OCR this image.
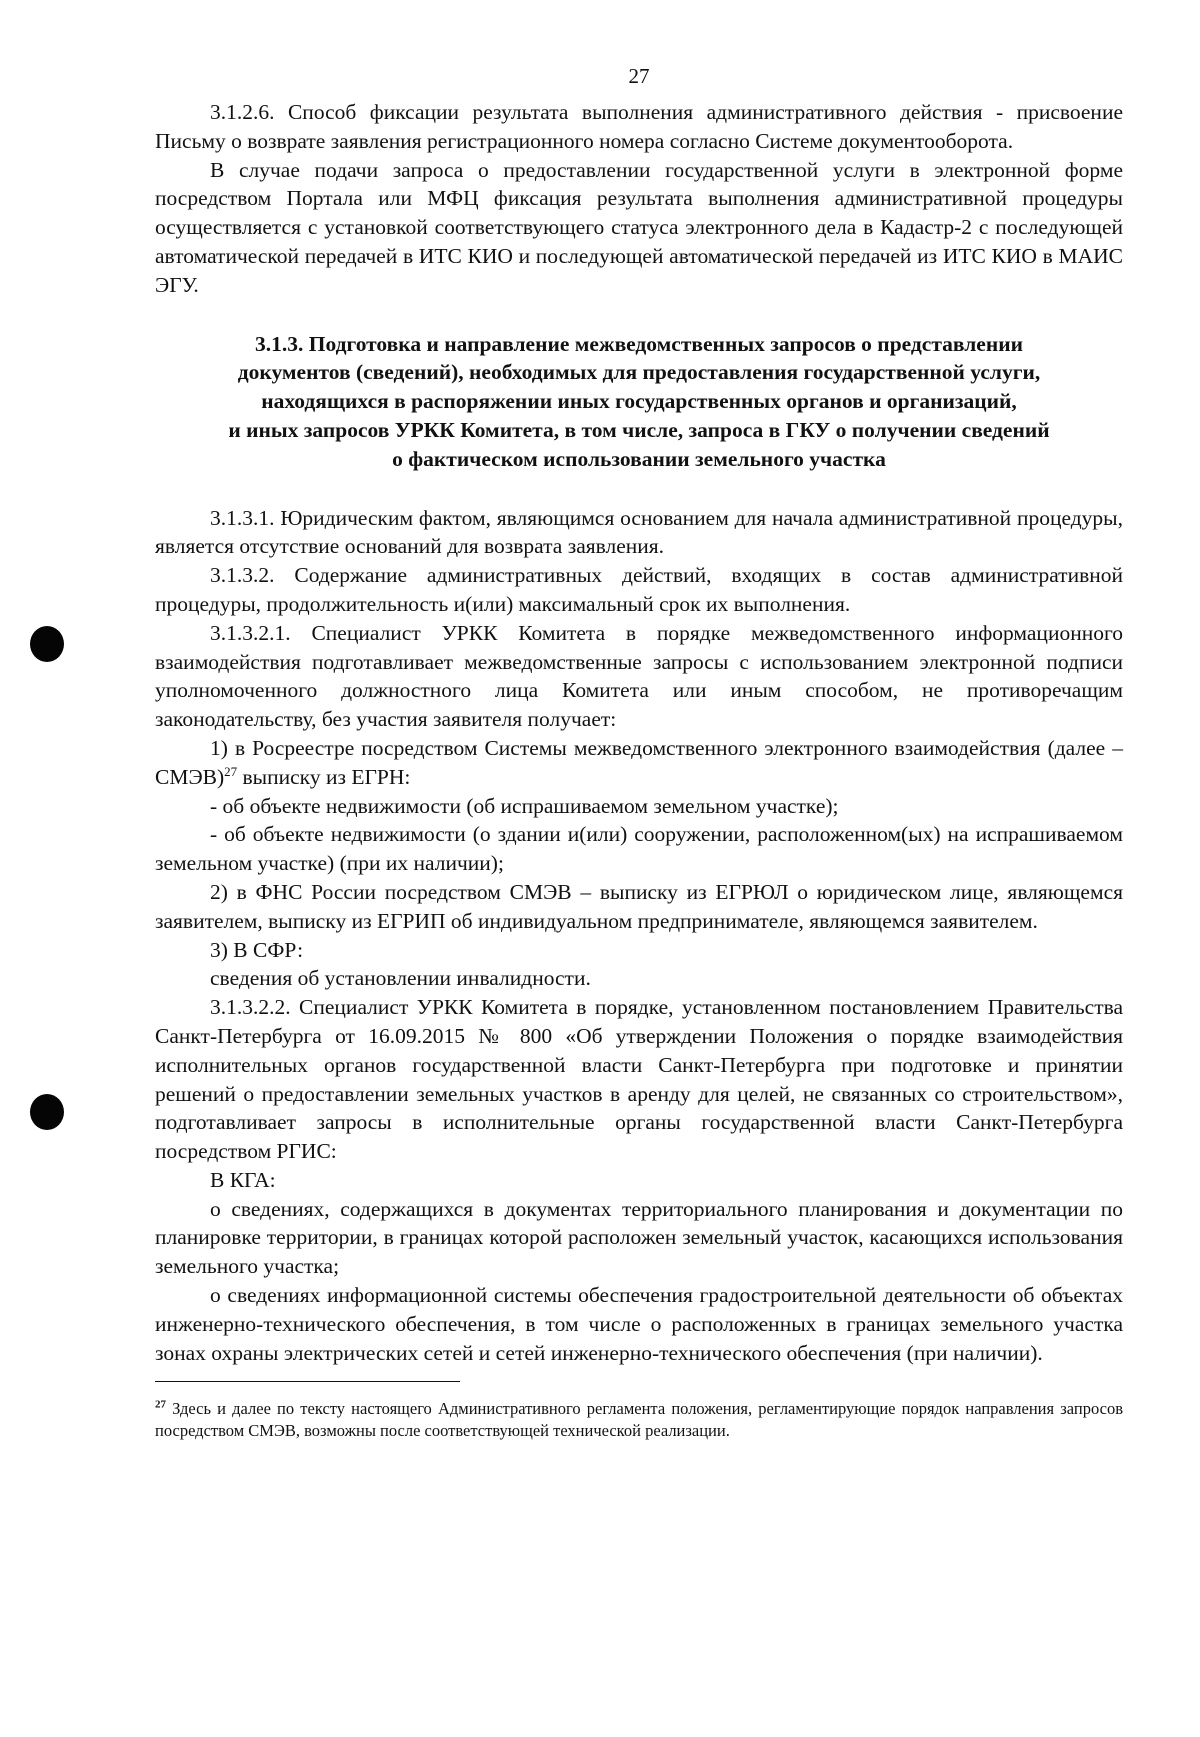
27

3.1.2.6. Способ фиксации результата выполнения административного действия - присвоение Письму о возврате заявления регистрационного номера согласно Системе документооборота.

В случае подачи запроса о предоставлении государственной услуги в электронной форме посредством Портала или МФЦ фиксация результата выполнения административной процедуры осуществляется с установкой соответствующего статуса электронного дела в Кадастр-2 с последующей автоматической передачей в ИТС КИО и последующей автоматической передачей из ИТС КИО в МАИС ЭГУ.

3.1.3. Подготовка и направление межведомственных запросов о представлении
документов (сведений), необходимых для предоставления государственной услуги,
находящихся в распоряжении иных государственных органов и организаций,
и иных запросов УРКК Комитета, в том числе, запроса в ГКУ о получении сведений
о фактическом использовании земельного участка

3.1.3.1. Юридическим фактом, являющимся основанием для начала административной процедуры, является отсутствие оснований для возврата заявления.

3.1.3.2. Содержание административных действий, входящих в состав административной процедуры, продолжительность и(или) максимальный срок их выполнения.

3.1.3.2.1. Специалист УРКК Комитета в порядке межведомственного информационного взаимодействия подготавливает межведомственные запросы с использованием электронной подписи уполномоченного должностного лица Комитета или иным способом, не противоречащим законодательству, без участия заявителя получает:

1) в Росреестре посредством Системы межведомственного электронного взаимодействия (далее – СМЭВ)$^{27}$ выписку из ЕГРН:

- об объекте недвижимости (об испрашиваемом земельном участке);

- об объекте недвижимости (о здании и(или) сооружении, расположенном(ых) на испрашиваемом земельном участке) (при их наличии);

2) в ФНС России посредством СМЭВ – выписку из ЕГРЮЛ о юридическом лице, являющемся заявителем, выписку из ЕГРИП об индивидуальном предпринимателе, являющемся заявителем.

3) В СФР:

сведения об установлении инвалидности.

3.1.3.2.2. Специалист УРКК Комитета в порядке, установленном постановлением Правительства Санкт-Петербурга от 16.09.2015 № 800 «Об утверждении Положения о порядке взаимодействия исполнительных органов государственной власти Санкт-Петербурга при подготовке и принятии решений о предоставлении земельных участков в аренду для целей, не связанных со строительством», подготавливает запросы в исполнительные органы государственной власти Санкт-Петербурга посредством РГИС:

В КГА:

о сведениях, содержащихся в документах территориального планирования и документации по планировке территории, в границах которой расположен земельный участок, касающихся использования земельного участка;

о сведениях информационной системы обеспечения градостроительной деятельности об объектах инженерно-технического обеспечения, в том числе о расположенных в границах земельного участка зонах охраны электрических сетей и сетей инженерно-технического обеспечения (при наличии).

$^{27}$ Здесь и далее по тексту настоящего Административного регламента положения, регламентирующие порядок направления запросов посредством СМЭВ, возможны после соответствующей технической реализации.
